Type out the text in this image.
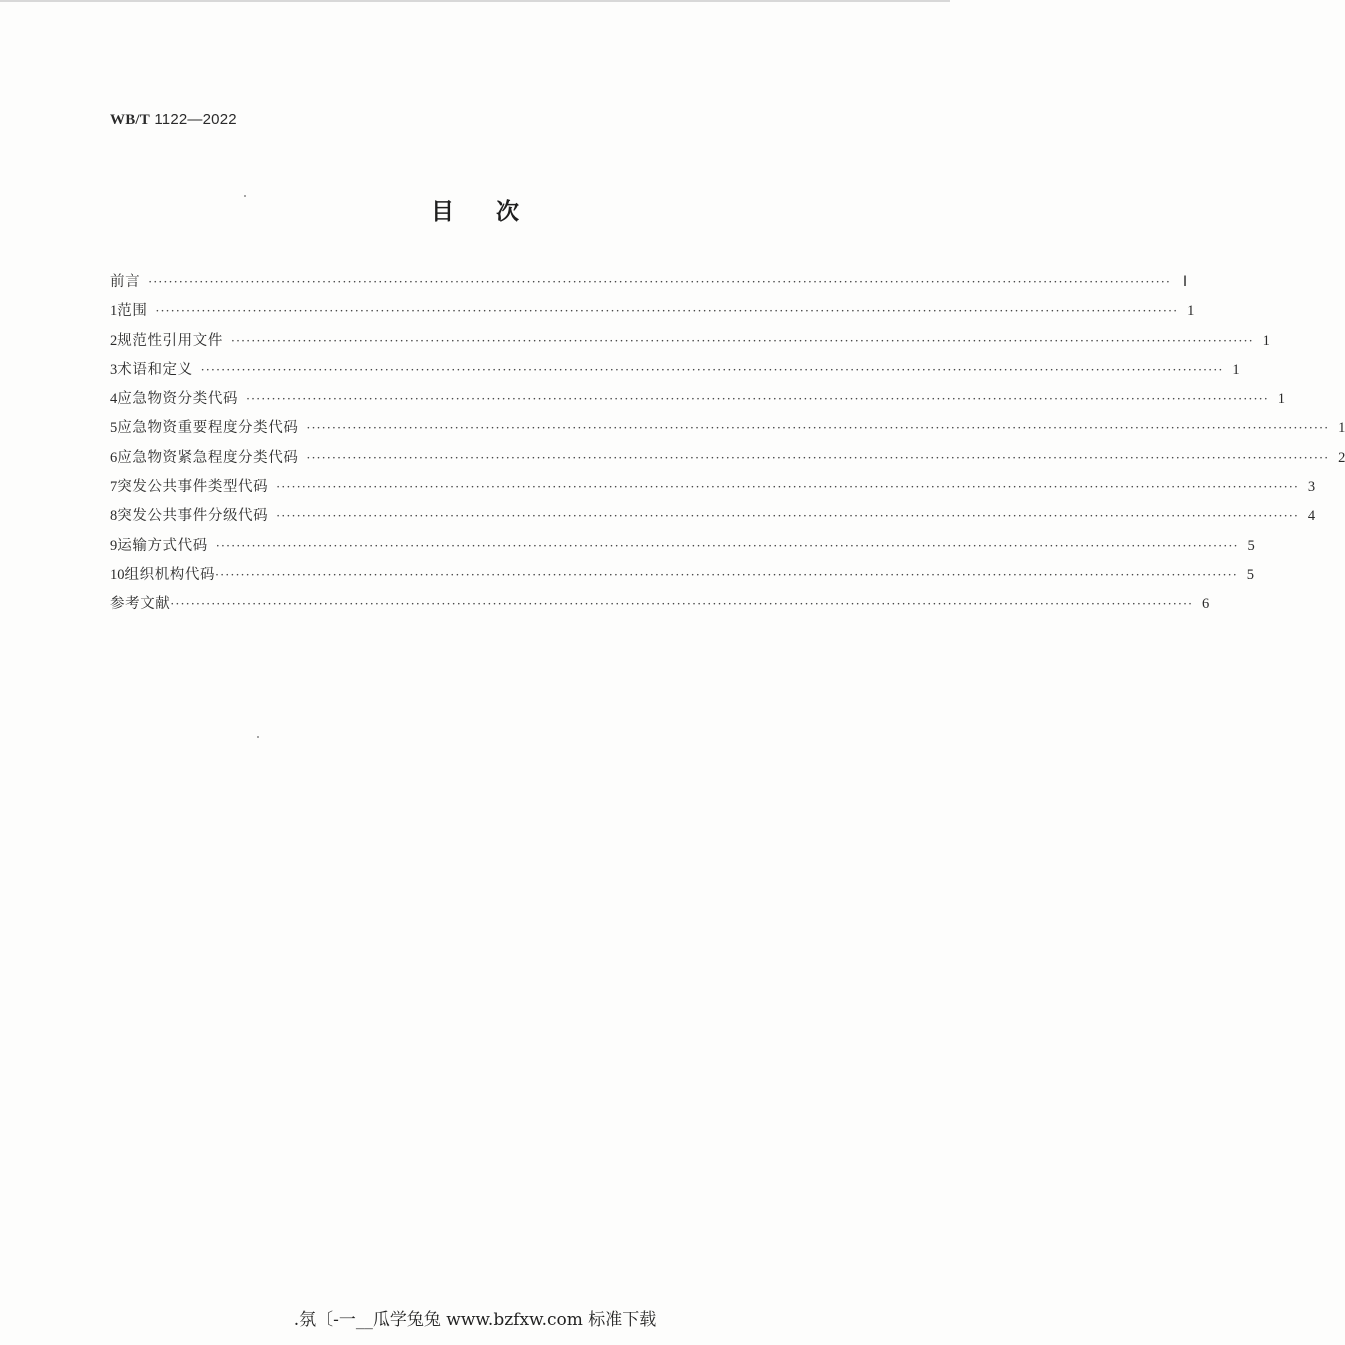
WB/T 1122—2022
目次
前言 ········································································································································································································ Ⅰ
1 范围 ········································································································································································································ 1
2 规范性引用文件 ········································································································································································································ 1
3 术语和定义 ········································································································································································································ 1
4 应急物资分类代码 ········································································································································································································ 1
5 应急物资重要程度分类代码 ········································································································································································································ 1
6 应急物资紧急程度分类代码 ········································································································································································································ 2
7 突发公共事件类型代码 ········································································································································································································ 3
8 突发公共事件分级代码 ········································································································································································································ 4
9 运输方式代码 ········································································································································································································ 5
10 组织机构代码 ········································································································································································································ 5
参考文献 ········································································································································································································ 6
.氛〔-一__瓜学兔兔 www.bzfxw.com 标准下载
